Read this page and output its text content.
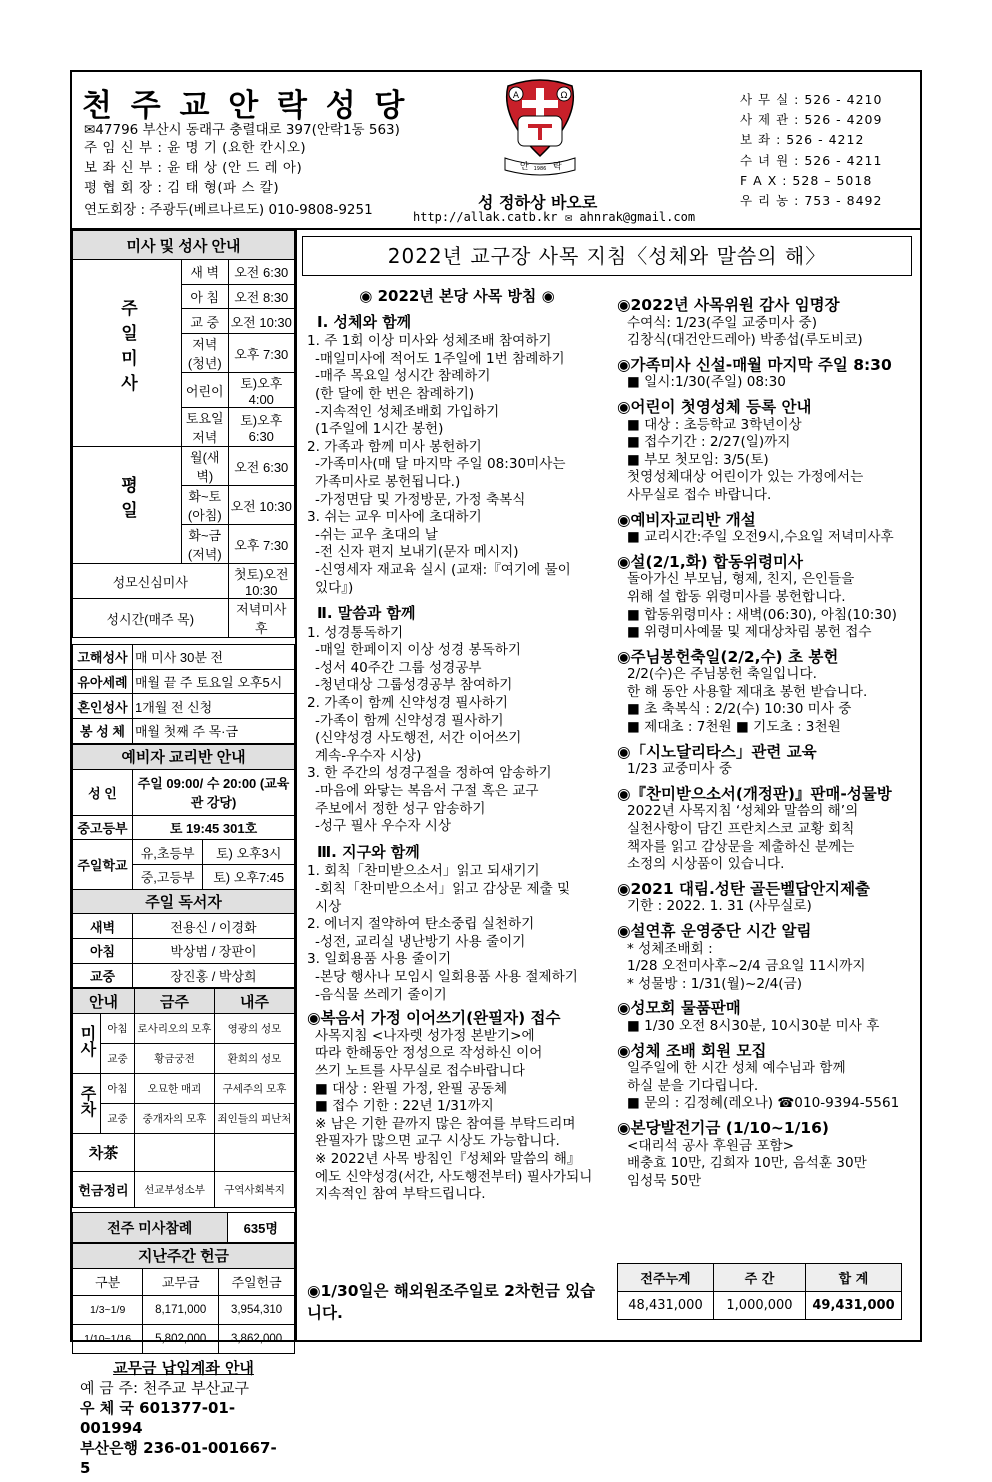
천 주 교 안 락 성 당
✉47796 부산시 동래구 충렬대로 397(안락1동 563)
주 임 신 부 : 윤 명 기 (요한 칸시오)
보 좌 신 부 : 윤 태 상 (안 드 레 아)
평 협 회 장 : 김 태 형(파 스 칼)
연도회장 : 주광두(베르나르도) 010-9808-9251
A	Ω
안	락
1986
성 정하상 바오로
http://allak.catb.kr ✉ ahnrak@gmail.com
사 무 실 : 526 - 4210
사 제 관 : 526 - 4209
보 좌 : 526 - 4212
수 녀 원 : 526 - 4211
F A X : 528 – 5018
우 리 농 : 753 - 8492
미사 및 성사 안내		
주일미사	새 벽	오전 6:30
	아 침	오전 8:30
	교 중	오전 10:30
	저녁(청년)	오후 7:30
	어린이	토)오후 4:00
	토요일저녁	토)오후 6:30
평일	월(새벽)	오전 6:30
	화~토(아침)	오전 10:30
	화~금(저녁)	오후 7:30
성모신심미사		첫토)오전 10:30
성시간(매주 목)		저녁미사 후
고해성사	매 미사 30분 전
유아세례	매월 끝 주 토요일 오후5시
혼인성사	1개월 전 신청
봉 성 체	매월 첫째 주 목·금
예비자 교리반 안내		
성 인	주일 09:00/ 수 20:00 (교육관 강당)	
중고등부	토 19:45 301호	
주일학교	유,초등부	토) 오후3시
	중,고등부	토) 오후7:45
주일 독서자		
새벽	전용신 / 이경화	
아침	박상범 / 장판이	
교중	장진홍 / 박상희	
안내		금주	내주
미사	아침	로사리오의 모후	영광의 성모
	교중	황금궁전	환희의 성모
주차	아침	오묘한 매괴	구세주의 모후
	교중	중개자의 모후	죄인들의 피난처
차茶			
헌금정리		선교부성소부	구역사회복지
전주 미사참례	635명
지난주간 헌금		
구분	교무금	주일헌금
1/3~1/9	8,171,000	3,954,310
1/10~1/16	5,802,000	3,862,000
교무금 납입계좌 안내
예 금 주: 천주교 부산교구
우 체 국 601377-01-001994
부산은행 236-01-001667-5
2022년 교구장 사목 지침〈성체와 말씀의 해〉
◉ 2022년 본당 사목 방침 ◉
Ⅰ. 성체와 함께
1. 주 1회 이상 미사와 성체조배 참여하기
-매일미사에 적어도 1주일에 1번 참례하기
-매주 목요일 성시간 참례하기
(한 달에 한 번은 참례하기)
-지속적인 성체조배회 가입하기
(1주일에 1시간 봉헌)
2. 가족과 함께 미사 봉헌하기
-가족미사(매 달 마지막 주일 08:30미사는
가족미사로 봉헌됩니다.)
-가정면담 및 가정방문, 가정 축복식
3. 쉬는 교우 미사에 초대하기
-쉬는 교우 초대의 날
-전 신자 편지 보내기(문자 메시지)
-신영세자 재교육 실시 (교재:『여기에 물이
있다』)
Ⅱ. 말씀과 함께
1. 성경통독하기
-매일 한페이지 이상 성경 봉독하기
-성서 40주간 그룹 성경공부
-청년대상 그룹성경공부 참여하기
2. 가족이 함께 신약성경 필사하기
-가족이 함께 신약성경 필사하기
(신약성경 사도행전, 서간 이어쓰기
계속-우수자 시상)
3. 한 주간의 성경구절을 정하여 암송하기
-마음에 와닿는 복음서 구절 혹은 교구
주보에서 정한 성구 암송하기
-성구 필사 우수자 시상
Ⅲ. 지구와 함께
1. 회칙「찬미받으소서」읽고 되새기기
-회칙「찬미받으소서」읽고 감상문 제출 및
시상
2. 에너지 절약하여 탄소중립 실천하기
-성전, 교리실 냉난방기 사용 줄이기
3. 일회용품 사용 줄이기
-본당 행사나 모임시 일회용품 사용 절제하기
-음식물 쓰레기 줄이기
◉복음서 가정 이어쓰기(완필자) 접수
사목지침 <나자렛 성가정 본받기>에
따라 한해동안 정성으로 작성하신 이어
쓰기 노트를 사무실로 접수바랍니다
■ 대상 : 완필 가정, 완필 공동체
■ 접수 기한 : 22년 1/31까지
※ 남은 기한 끝까지 많은 참여를 부탁드리며
완필자가 많으면 교구 시상도 가능합니다.
※ 2022년 사목 방침인『성체와 말씀의 해』
에도 신약성경(서간, 사도행전부터) 필사가되니
지속적인 참여 부탁드립니다.
◉1/30일은 해외원조주일로 2차헌금 있습니다.
◉2022년 사목위원 감사 임명장
수여식: 1/23(주일 교중미사 중)
김창식(대건안드레아) 박종섭(루도비코)
◉가족미사 신설-매월 마지막 주일 8:30
■ 일시:1/30(주일) 08:30
◉어린이 첫영성체 등록 안내
■ 대상 : 초등학교 3학년이상
■ 접수기간 : 2/27(일)까지
■ 부모 첫모임: 3/5(토)
첫영성체대상 어린이가 있는 가정에서는
사무실로 접수 바랍니다.
◉예비자교리반 개설
■ 교리시간:주일 오전9시,수요일 저녁미사후
◉설(2/1,화) 합동위령미사
돌아가신 부모님, 형제, 친지, 은인들을
위해 설 합동 위령미사를 봉헌합니다.
■ 합동위령미사 : 새벽(06:30), 아침(10:30)
■ 위령미사예물 및 제대상차림 봉헌 접수
◉주님봉헌축일(2/2,수) 초 봉헌
2/2(수)은 주님봉헌 축일입니다.
한 해 동안 사용할 제대초 봉헌 받습니다.
■ 초 축복식 : 2/2(수) 10:30 미사 중
■ 제대초 : 7천원 ■ 기도초 : 3천원
◉「시노달리타스」관련 교육
1/23 교중미사 중
◉『찬미받으소서(개정판)』판매-성물방
2022년 사목지침 ‘성체와 말씀의 해’의
실천사항이 담긴 프란치스코 교황 회칙
책자를 읽고 감상문을 제출하신 분께는
소정의 시상품이 있습니다.
◉2021 대림.성탄 골든벨답안지제출
기한 : 2022. 1. 31 (사무실로)
◉설연휴 운영중단 시간 알림
* 성체조배회 :
1/28 오전미사후~2/4 금요일 11시까지
* 성물방 : 1/31(월)~2/4(금)
◉성모회 물품판매
■ 1/30 오전 8시30분, 10시30분 미사 후
◉성체 조배 회원 모집
일주일에 한 시간 성체 예수님과 함께
하실 분을 기다립니다.
■ 문의 : 김정혜(레오나) ☎010-9394-5561
◉본당발전기금 (1/10~1/16)
<대리석 공사 후원금 포함>
배충효 10만, 김희자 10만, 음석훈 30만
임성묵 50만
전주누계	주 간	합 계
48,431,000	1,000,000	49,431,000
